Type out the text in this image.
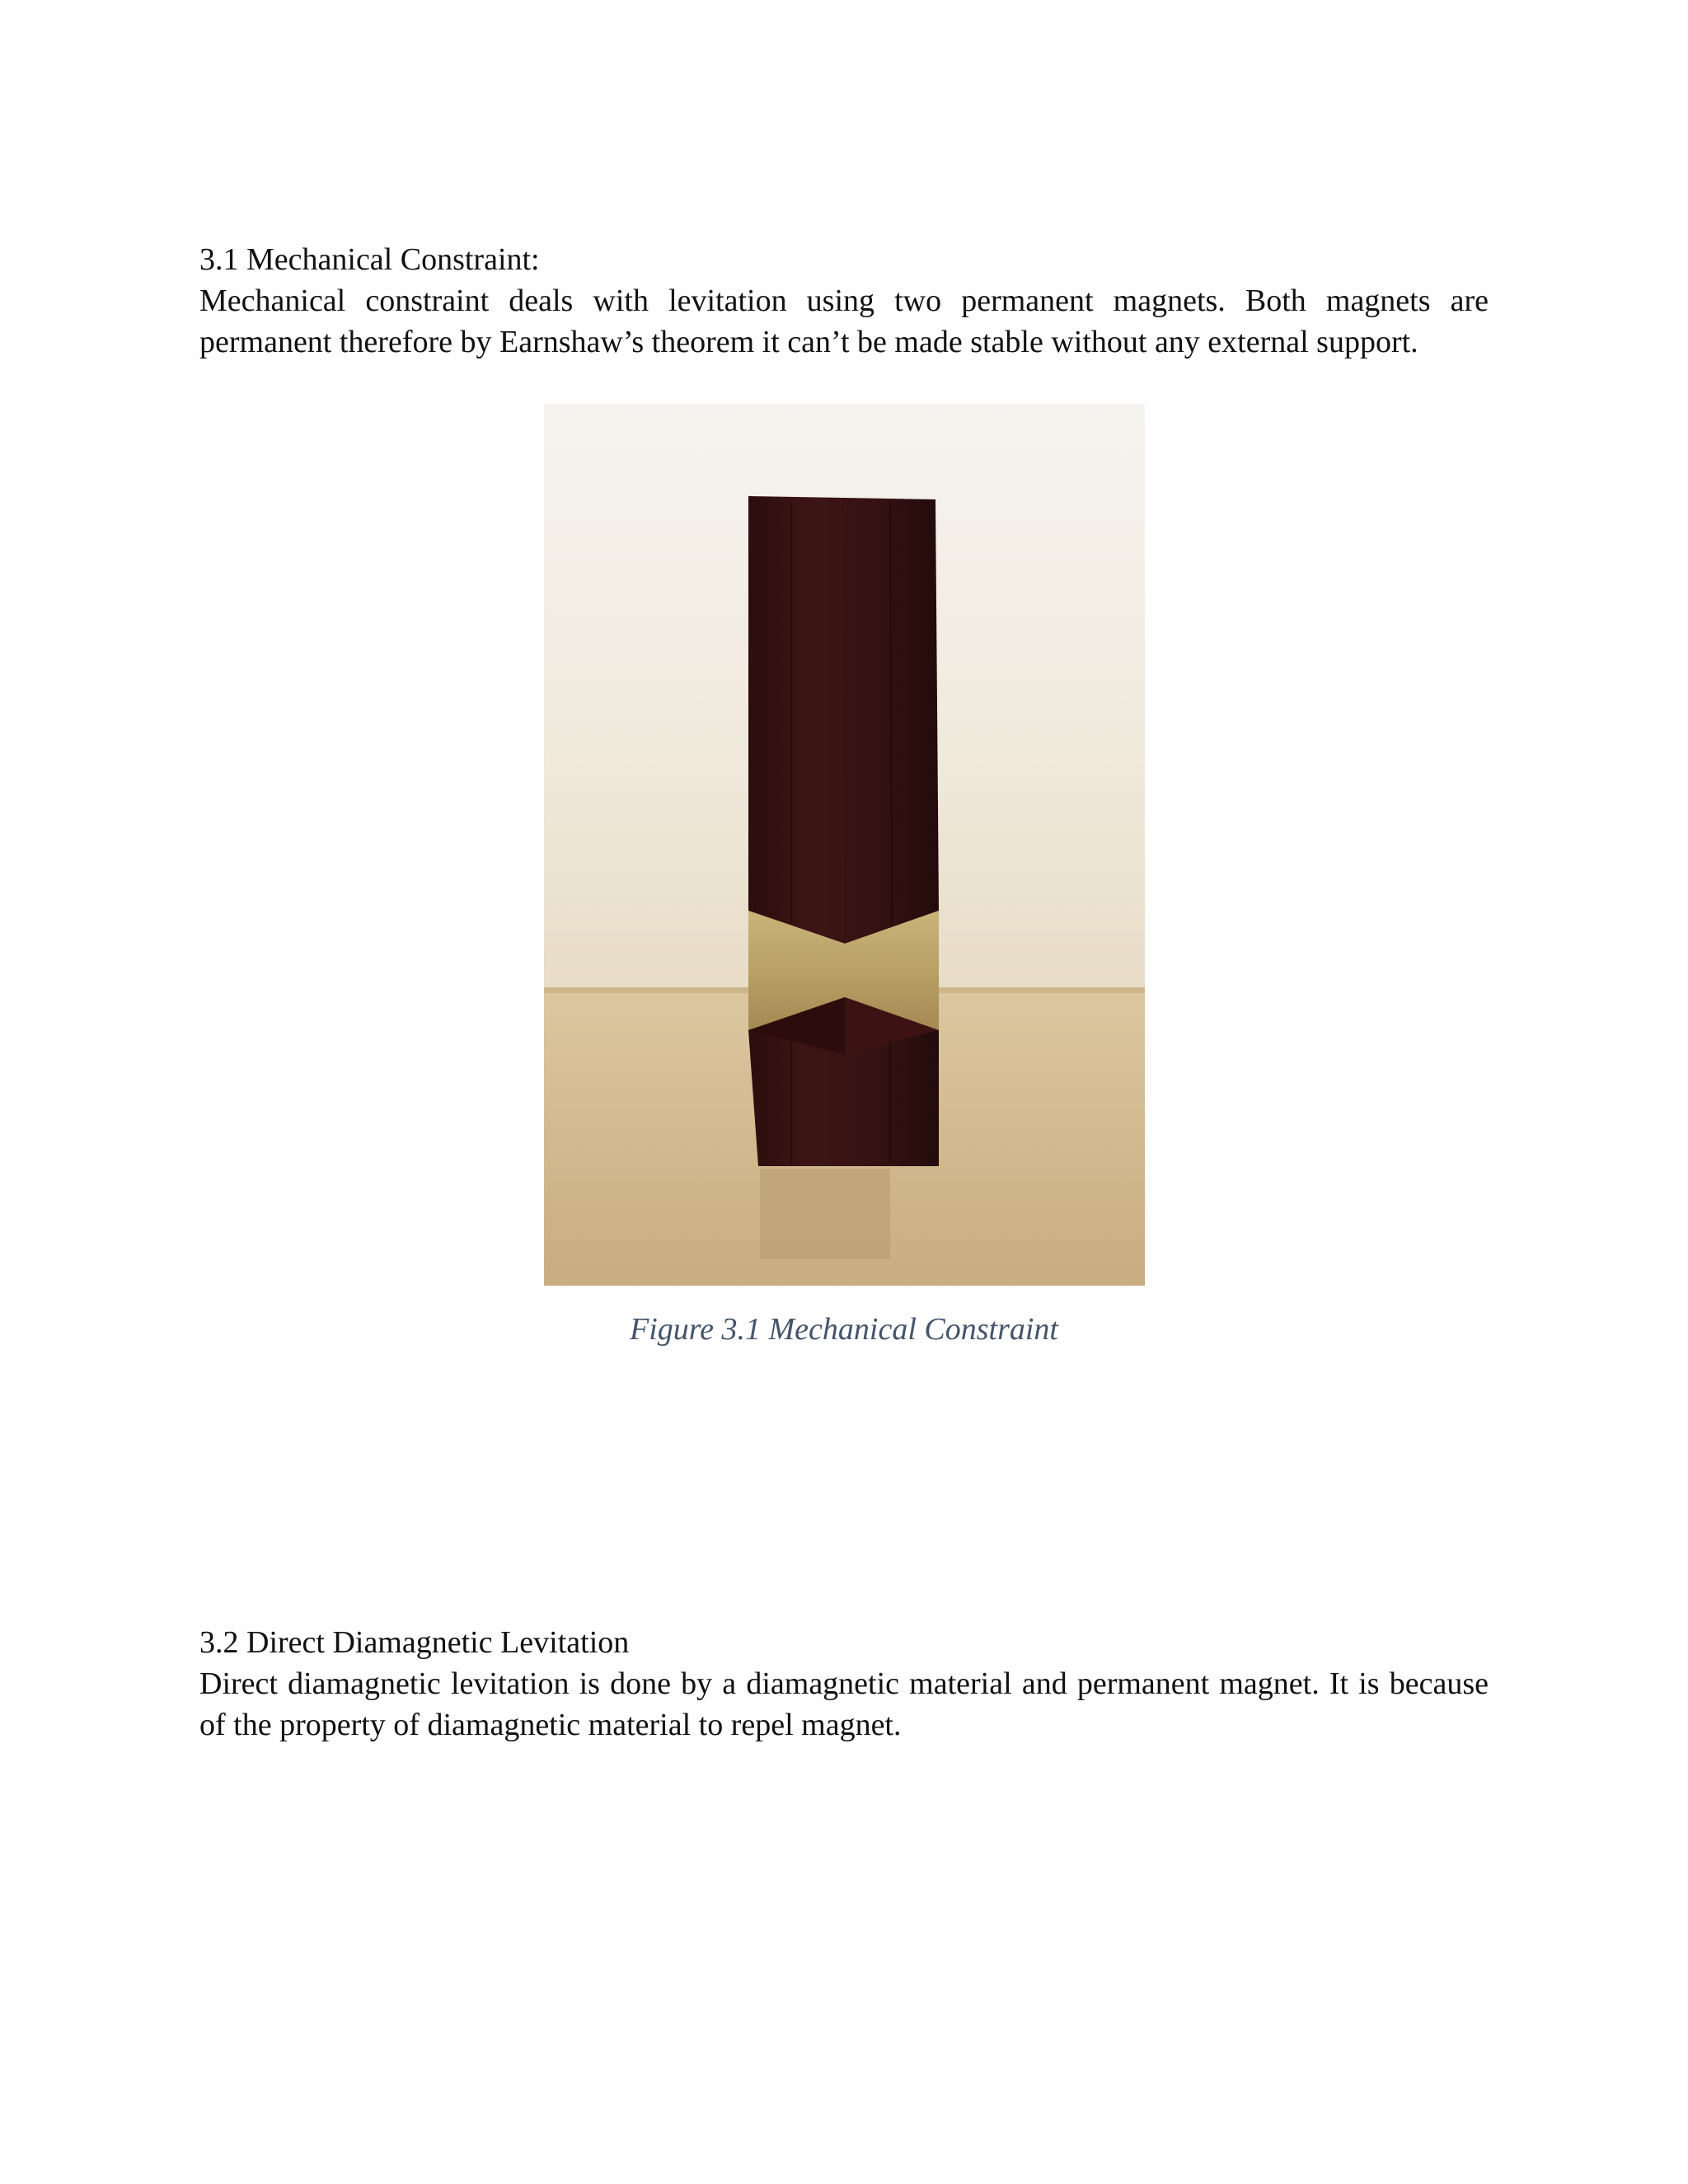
3.1 Mechanical Constraint:

Mechanical constraint deals with levitation using two permanent magnets. Both magnets are permanent therefore by Earnshaw’s theorem it can’t be made stable without any external support.

Figure 3.1 Mechanical Constraint

3.2 Direct Diamagnetic Levitation

Direct diamagnetic levitation is done by a diamagnetic material and permanent magnet. It is because of the property of diamagnetic material to repel magnet.
